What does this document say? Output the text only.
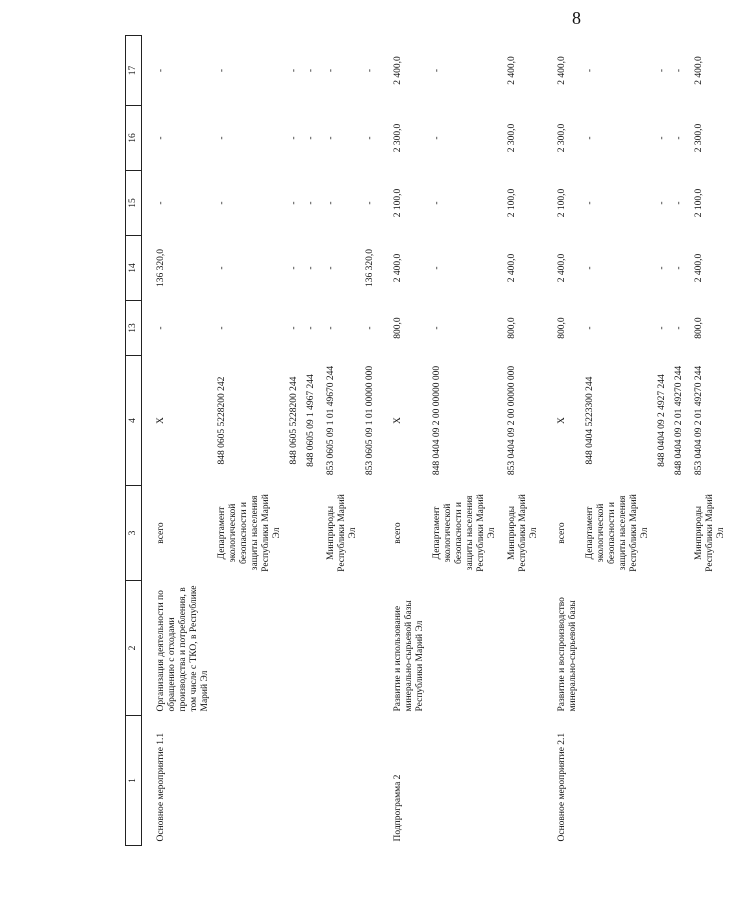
8
1	2	3	4	13	14	15	16	17
Основное мероприятие 1.1	Организация деятельности по обращению с отходами производства и потребления, в том числе с ТКО, в Республике Марий Эл	всего	X	-	136 320,0	-	-	-
		Департамент экологической безопасности и защиты населения Республики Марий Эл	848 0605 5228200 242	-	-	-	-	-
			848 0605 5228200 244	-	-	-	-	-
			848 0605 09 1 4967 244	-	-	-	-	-
		Минприроды Республики Марий Эл	853 0605 09 1 01 49670 244	-	-	-	-	-
			853 0605 09 1 01 00000 000	-	136 320,0	-	-	-
Подпрограмма 2	Развитие и использование минерально-сырьевой базы Республики Марий Эл	всего	X	800,0	2 400,0	2 100,0	2 300,0	2 400,0
		Департамент экологической безопасности и защиты населения Республики Марий Эл	848 0404 09 2 00 00000 000	-	-	-	-	-
		Минприроды Республики Марий Эл	853 0404 09 2 00 00000 000	800,0	2 400,0	2 100,0	2 300,0	2 400,0
Основное мероприятие 2.1	Развитие и воспроизводство минерально-сырьевой базы	всего	X	800,0	2 400,0	2 100,0	2 300,0	2 400,0
		Департамент экологической безопасности и защиты населения Республики Марий Эл	848 0404 5223300 244	-	-	-	-	-
			848 0404 09 2 4927 244	-	-	-	-	-
			848 0404 09 2 01 49270 244	-	-	-	-	-
		Минприроды Республики Марий Эл	853 0404 09 2 01 49270 244	800,0	2 400,0	2 100,0	2 300,0	2 400,0
